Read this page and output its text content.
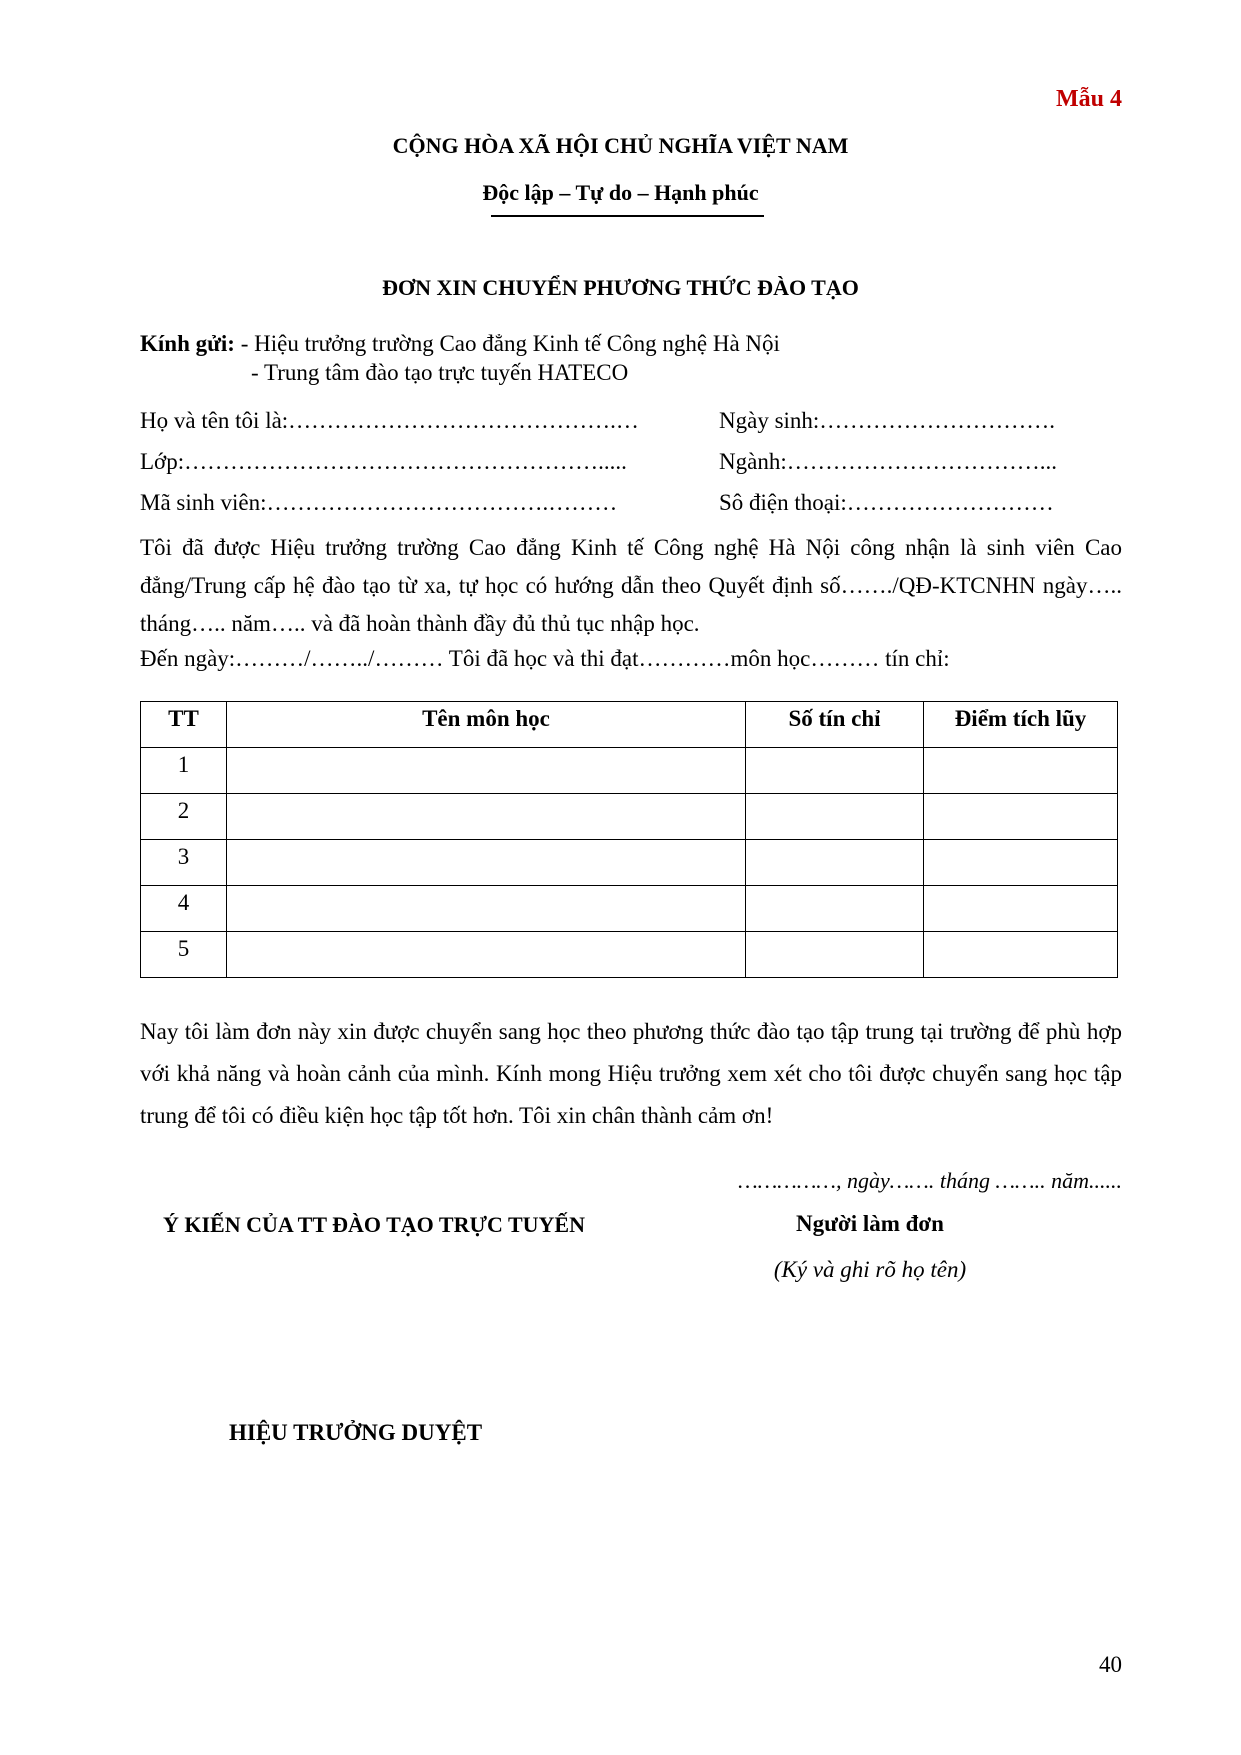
Mẫu 4
CỘNG HÒA XÃ HỘI CHỦ NGHĨA VIỆT NAM
Độc lập – Tự do – Hạnh phúc
ĐƠN XIN CHUYỂN PHƯƠNG THỨC ĐÀO TẠO
Kính gửi: - Hiệu trưởng trường Cao đẳng Kinh tế Công nghệ Hà Nội
- Trung tâm đào tạo trực tuyến HATECO
Họ và tên tôi là:…………………………………….…	Ngày sinh:………………………….
Lớp:……………………………………………….....	Ngành:……………………………...
Mã sinh viên:……………………………….………	Sô điện thoại:………………………
Tôi đã được Hiệu trưởng trường Cao đẳng Kinh tế Công nghệ Hà Nội công nhận là sinh viên Cao đẳng/Trung cấp hệ đào tạo từ xa, tự học có hướng dẫn theo Quyết định số……./QĐ-KTCNHN ngày….. tháng….. năm….. và đã hoàn thành đầy đủ thủ tục nhập học.
Đến ngày:………/……../……… Tôi đã học và thi đạt…………môn học……… tín chỉ:
TT	Tên môn học	Số tín chỉ	Điểm tích lũy
1			
2			
3			
4			
5			
Nay tôi làm đơn này xin được chuyển sang học theo phương thức đào tạo tập trung tại trường để phù hợp với khả năng và hoàn cảnh của mình. Kính mong Hiệu trưởng xem xét cho tôi được chuyển sang học tập trung để tôi có điều kiện học tập tốt hơn. Tôi xin chân thành cảm ơn!
……………, ngày……. tháng …….. năm......
Ý KIẾN CỦA TT ĐÀO TẠO TRỰC TUYẾN	Người làm đơn
(Ký và ghi rõ họ tên)
HIỆU TRƯỞNG DUYỆT
40
